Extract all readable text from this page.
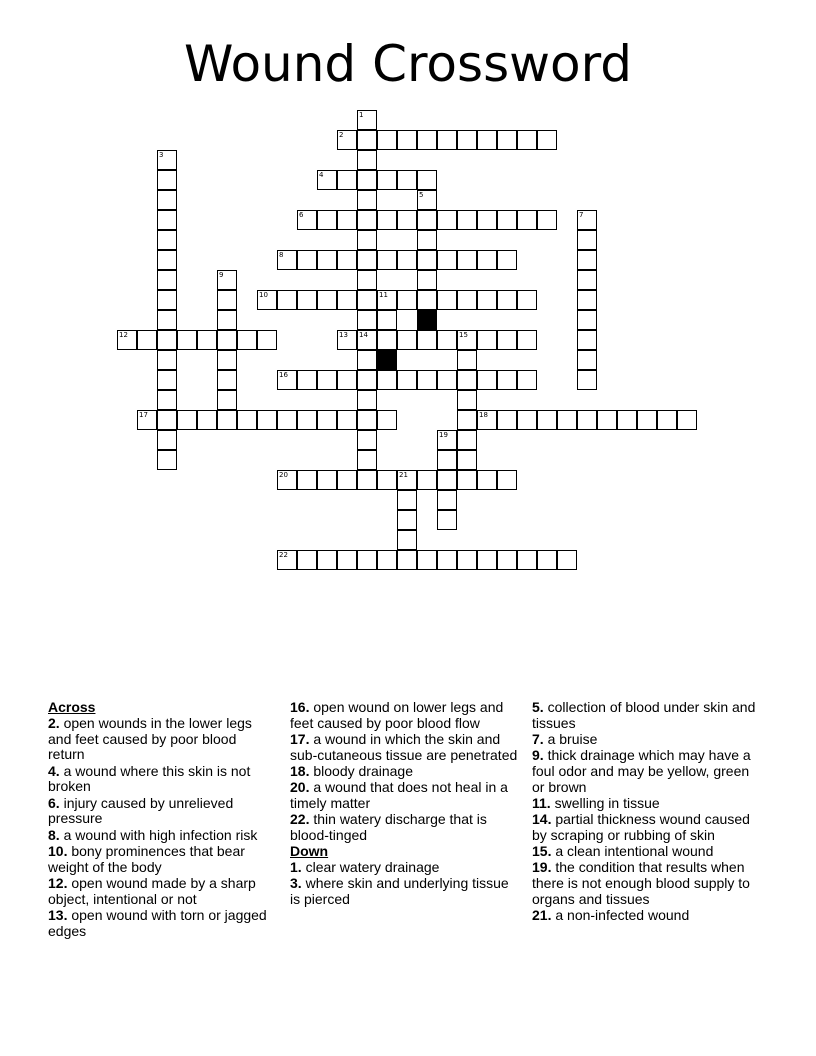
Wound Crossword
1
14
2
3
4
5
6	7
8
9
10	11
12	13	15
16
17	18
19
20	21
22
Across
2. open wounds in the lower legs and feet caused by poor blood return
4. a wound where this skin is not broken
6. injury caused by unrelieved pressure
8. a wound with high infection risk
10. bony prominences that bear weight of the body
12. open wound made by a sharp object, intentional or not
13. open wound with torn or jagged edges
16. open wound on lower legs and feet caused by poor blood flow
17. a wound in which the skin and sub-cutaneous tissue are penetrated
18. bloody drainage
20. a wound that does not heal in a timely matter
22. thin watery discharge that is blood-tinged
Down
1. clear watery drainage
3. where skin and underlying tissue is pierced
5. collection of blood under skin and tissues
7. a bruise
9. thick drainage which may have a foul odor and may be yellow, green or brown
11. swelling in tissue
14. partial thickness wound caused by scraping or rubbing of skin
15. a clean intentional wound
19. the condition that results when there is not enough blood supply to organs and tissues
21. a non-infected wound
